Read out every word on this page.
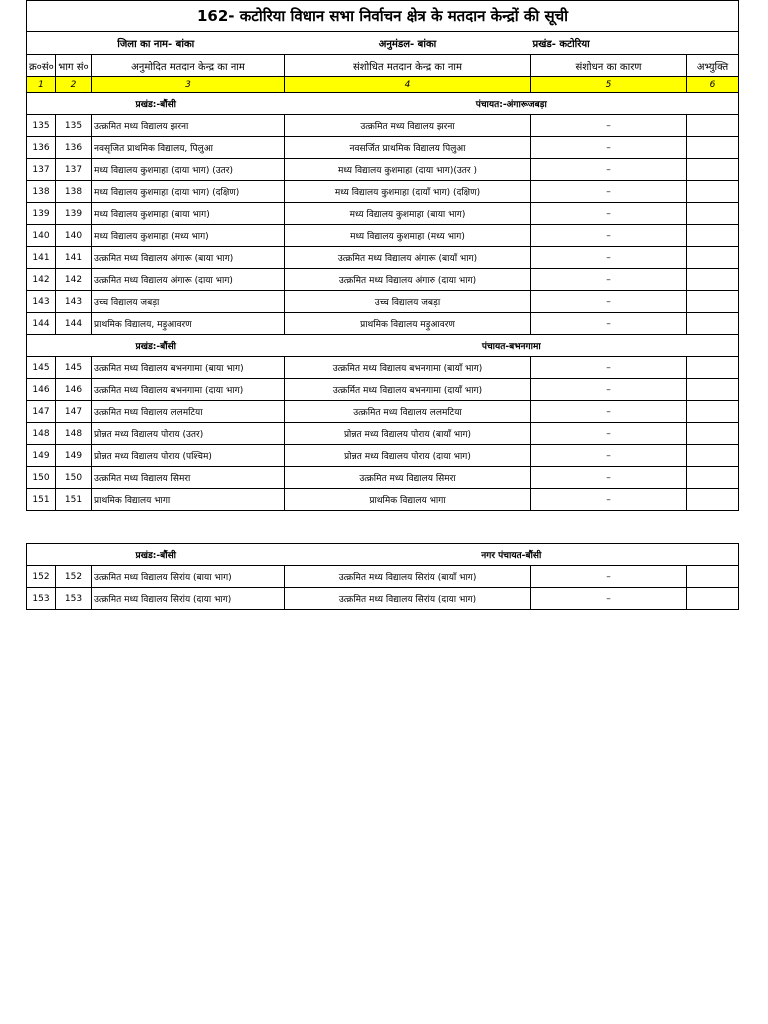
162- कटोरिया विधान सभा निर्वाचन क्षेत्र के मतदान केन्द्रों की सूची					
जिला का नाम- बांका			अनुमंडल- बांका	प्रखंड- कटोरिया	
क्र०सं०	भाग सं०	अनुमोदित मतदान केन्द्र का नाम	संशोधित मतदान केन्द्र का नाम	संशोधन का कारण	अभ्युक्ति
1	2	3	4	5	6
प्रखंड:-बौंसी			पंचायत:-अंगारूजबड़ा		
135	135	उत्क्रमित मध्य विद्यालय झरना	उत्क्रमित मध्य विद्यालय झरना	–	
136	136	नवसृजित प्राथमिक विद्यालय, पिलुआ	नवसर्जित प्राथमिक विद्यालय पिलुआ	–	
137	137	मध्य विद्यालय कुशमाहा (दाया भाग) (उतर)	मध्य विद्यालय कुशमाहा (दाया भाग)(उतर )	–	
138	138	मध्य विद्यालय कुशमाहा (दाया भाग) (दक्षिण)	मध्य विद्यालय कुशमाहा (दायाँ भाग) (दक्षिण)	–	
139	139	मध्य विद्यालय कुशमाहा (बाया भाग)	मध्य विद्यालय कुशमाहा (बाया भाग)	–	
140	140	मध्य विद्यालय कुशमाहा (मध्य भाग)	मध्य विद्यालय कुशमाहा (मध्य भाग)	–	
141	141	उत्क्रमित मध्य विद्यालय अंगारू (बाया भाग)	उत्क्रमित मध्य विद्यालय अंगारू (बायाँ भाग)	–	
142	142	उत्क्रमित मध्य विद्यालय अंगारू (दाया भाग)	उत्क्रमित मध्य विद्यालय अंगारु (दाया भाग)	–	
143	143	उच्च विद्यालय जबड़ा	उच्च विद्यालय जबड़ा	–	
144	144	प्राथमिक विद्यालय, मड़ुआवरण	प्राथमिक विद्यालय मड़ुआवरण	–	
प्रखंड:-बौंसी			पंचायत-बभनगामा		
145	145	उत्क्रमित मध्य विद्यालय बभनगामा (बाया भाग)	उत्क्रमित मध्य विद्यालय बभनगामा (बायाँ भाग)	–	
146	146	उत्क्रमित मध्य विद्यालय बभनगामा (दाया भाग)	उत्क्रर्मित मध्य विद्यालय बभनगामा (दायाँ भाग)	–	
147	147	उत्क्रमित मध्य विद्यालय ललमटिया	उत्क्रमित मध्य विद्यालय ललमटिया	–	
148	148	प्रोन्नत मध्य विद्यालय पोराय (उतर)	प्रोन्नत मध्य विद्यालय पोराय (बायाँ भाग)	–	
149	149	प्रोन्नत मध्य विद्यालय पोराय (पश्चिम)	प्रोन्नत मध्य विद्यालय पोराय (दाया भाग)	–	
150	150	उत्क्रमित मध्य विद्यालय सिमरा	उत्क्रमित मध्य विद्यालय सिमरा	–	
151	151	प्राथमिक विद्यालय भागा	प्राथमिक विद्यालय भागा	–	
प्रखंड:-बौंसी			नगर पंचायत-बौंसी		
152	152	उत्क्रमित मध्य विद्यालय सिरांय (बाया भाग)	उत्क्रमित मध्य विद्यालय सिरांय (बायाँ भाग)	–	
153	153	उत्क्रमित मध्य विद्यालय सिरांय (दाया भाग)	उत्क्रमित मध्य विद्यालय सिरांय (दाया भाग)	–	
